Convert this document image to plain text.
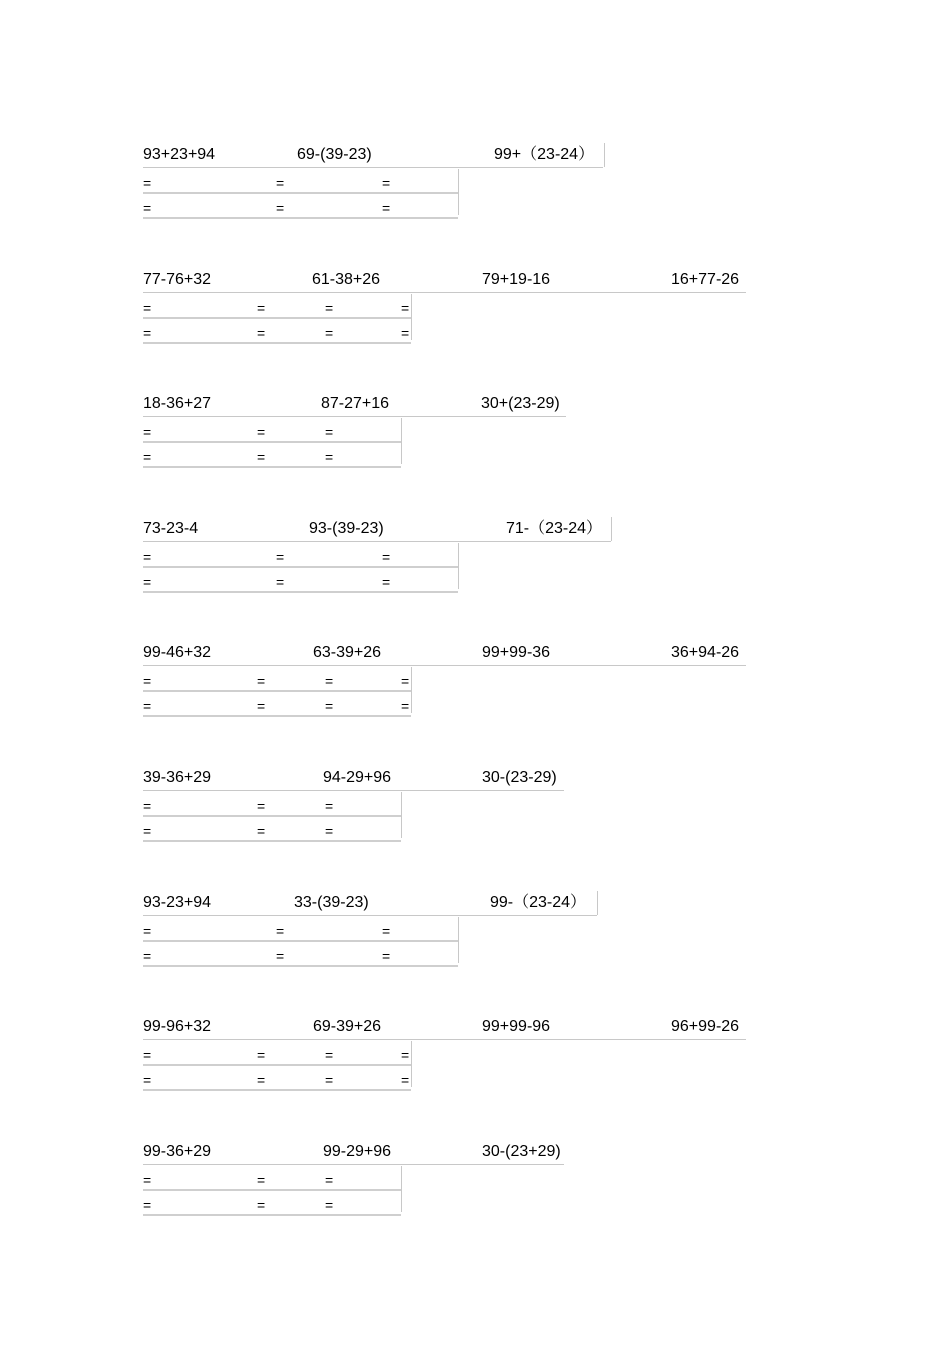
93+23+94	69-(39-23)	99+（23-24）
=	=	=
=	=	=
77-76+32	61-38+26	79+19-16	16+77-26
=	=	=	=
=	=	=	=
18-36+27	87-27+16	30+(23-29)
=	=	=
=	=	=
73-23-4	93-(39-23)	71-（23-24）
=	=	=
=	=	=
99-46+32	63-39+26	99+99-36	36+94-26
=	=	=	=
=	=	=	=
39-36+29	94-29+96	30-(23-29)
=	=	=
=	=	=
93-23+94	33-(39-23)	99-（23-24）
=	=	=
=	=	=
99-96+32	69-39+26	99+99-96	96+99-26
=	=	=	=
=	=	=	=
99-36+29	99-29+96	30-(23+29)
=	=	=
=	=	=
